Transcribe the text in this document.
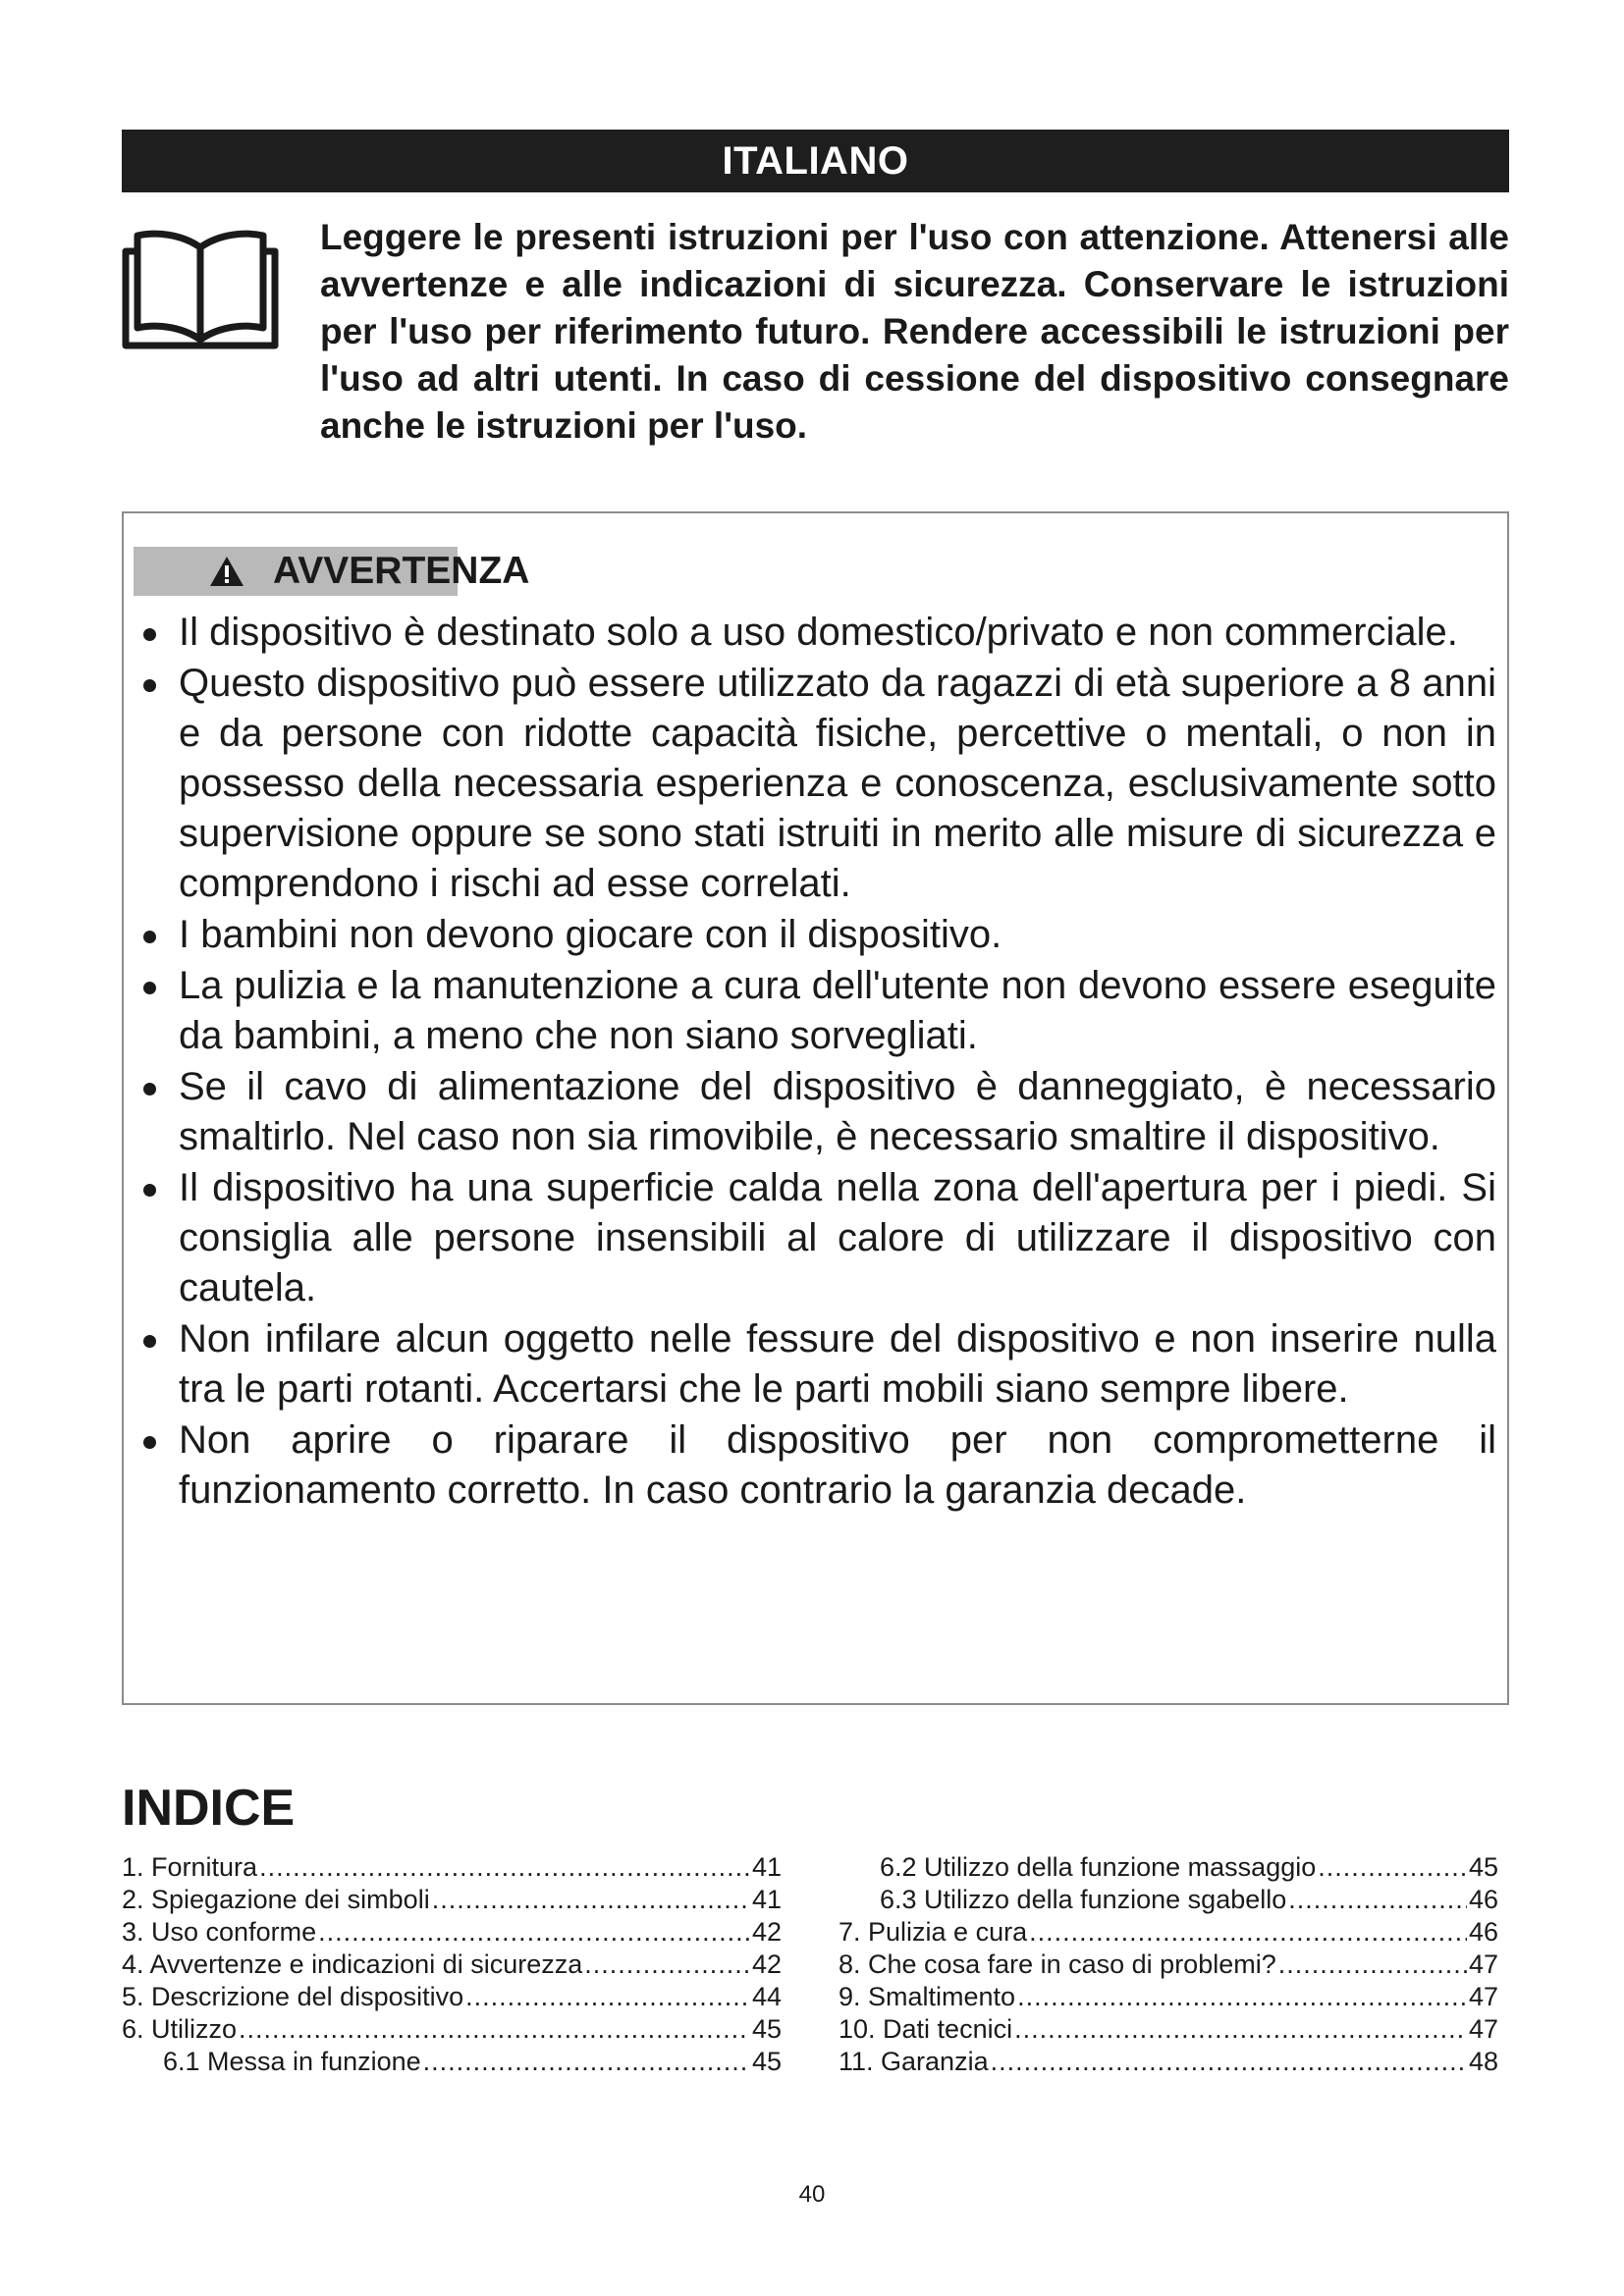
ITALIANO

Leggere le presenti istruzioni per l'uso con attenzione. Attenersi alle avvertenze e alle indicazioni di sicurezza. Conservare le istruzioni per l'uso per riferimento futuro. Rendere accessibili le istruzioni per l'uso ad altri utenti. In caso di cessione del dispositivo consegnare anche le istruzioni per l'uso.

AVVERTENZA
Il dispositivo è destinato solo a uso domestico/privato e non commerciale.
Questo dispositivo può essere utilizzato da ragazzi di età superiore a 8 anni e da persone con ridotte capacità fisiche, percettive o mentali, o non in possesso della necessaria esperienza e conoscenza, esclusivamente sotto supervisione oppure se sono stati istruiti in merito alle misure di sicurezza e comprendono i rischi ad esse correlati.
I bambini non devono giocare con il dispositivo.
La pulizia e la manutenzione a cura dell'utente non devono essere eseguite da bambini, a meno che non siano sorvegliati.
Se il cavo di alimentazione del dispositivo è danneggiato, è necessario smaltirlo. Nel caso non sia rimovibile, è necessario smaltire il dispositivo.
Il dispositivo ha una superficie calda nella zona dell'apertura per i piedi. Si consiglia alle persone insensibili al calore di utilizzare il dispositivo con cautela.
Non infilare alcun oggetto nelle fessure del dispositivo e non inserire nulla tra le parti rotanti. Accertarsi che le parti mobili siano sempre libere.
Non aprire o riparare il dispositivo per non comprometterne il funzionamento corretto. In caso contrario la garanzia decade.
INDICE
1. Fornitura .....	41
2. Spiegazione dei simboli .....	41
3. Uso conforme .....	42
4. Avvertenze e indicazioni di sicurezza .....	42
5. Descrizione del dispositivo .....	44
6. Utilizzo .....	45
6.1 Messa in funzione .....	45
6.2 Utilizzo della funzione massaggio .....	45
6.3 Utilizzo della funzione sgabello .....	46
7. Pulizia e cura .....	46
8. Che cosa fare in caso di problemi? .....	47
9. Smaltimento .....	47
10. Dati tecnici .....	47
11. Garanzia .....	48
40
